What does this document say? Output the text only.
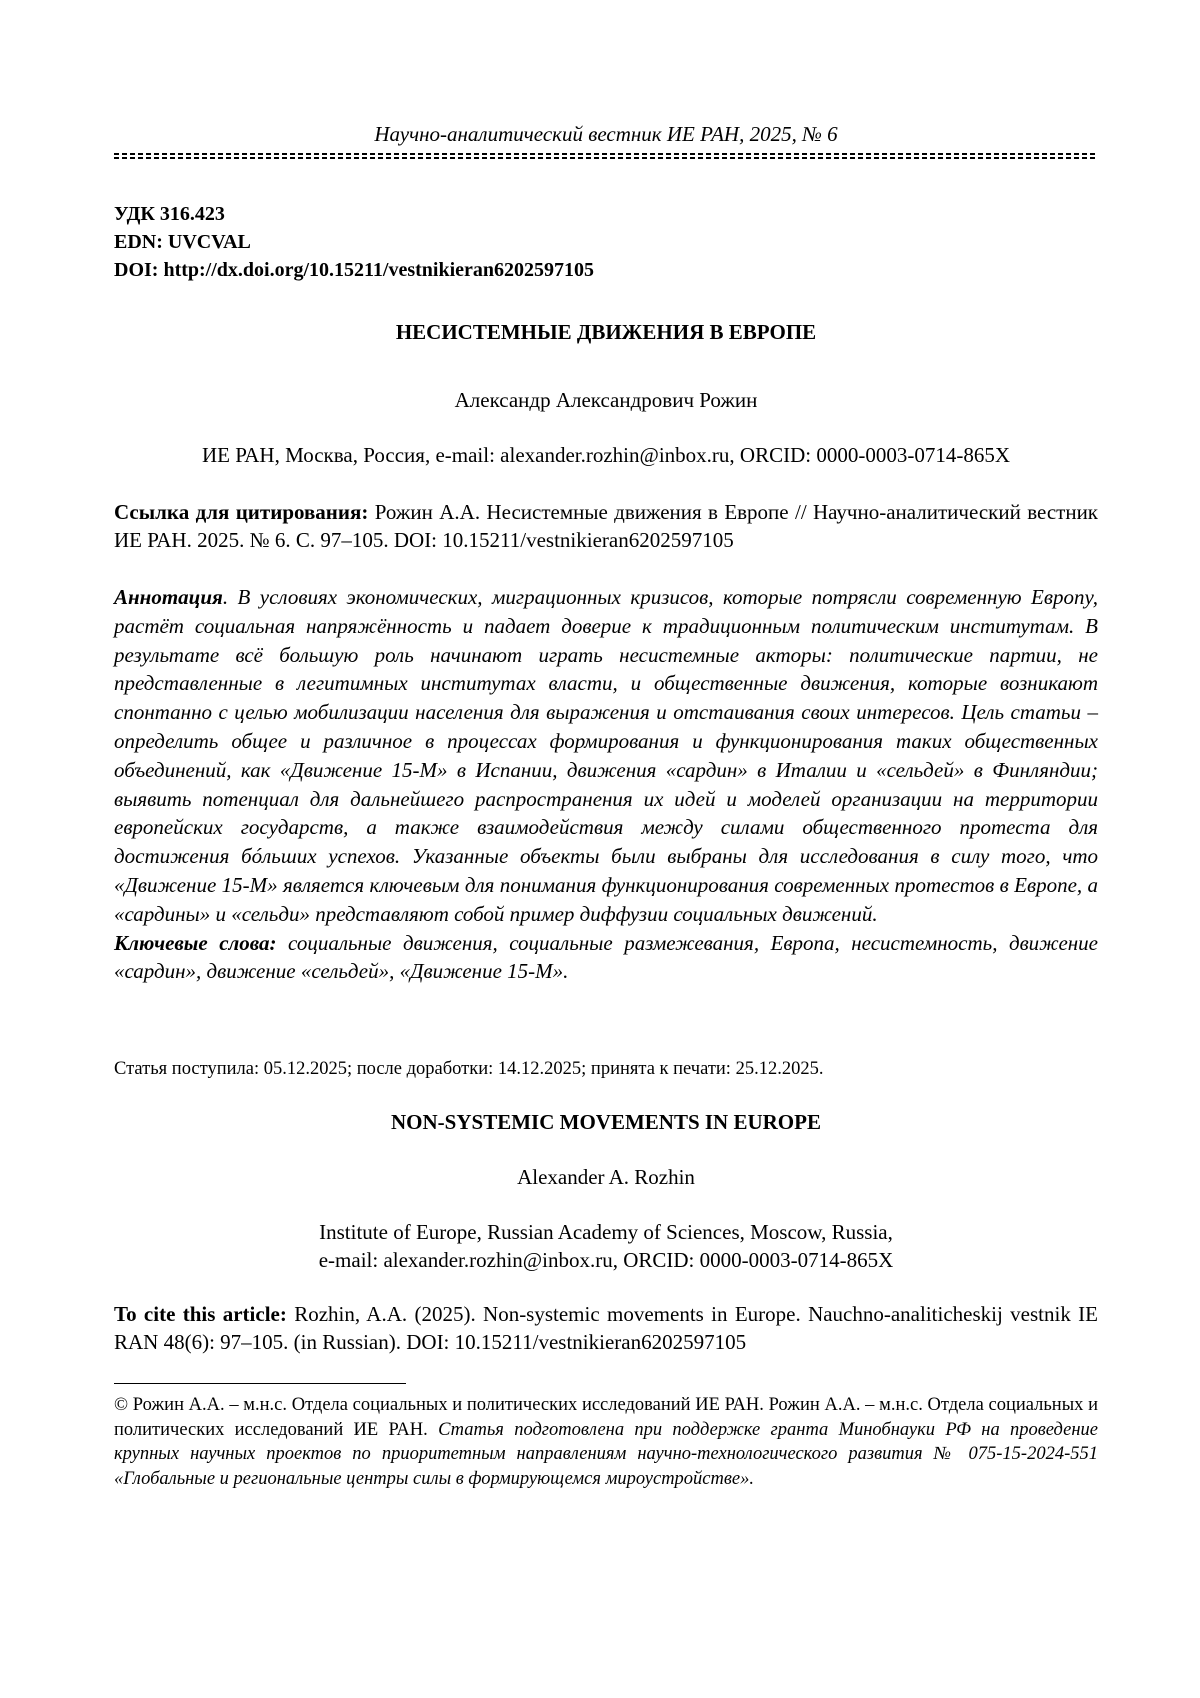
Научно-аналитический вестник ИЕ РАН, 2025, № 6
УДК 316.423
EDN: UVCVAL
DOI: http://dx.doi.org/10.15211/vestnikieran6202597105
НЕСИСТЕМНЫЕ ДВИЖЕНИЯ В ЕВРОПЕ
Александр Александрович Рожин
ИЕ РАН, Москва, Россия, e-mail: alexander.rozhin@inbox.ru, ORCID: 0000-0003-0714-865X
Ссылка для цитирования: Рожин А.А. Несистемные движения в Европе // Научно-аналитический вестник ИЕ РАН. 2025. № 6. С. 97–105. DOI: 10.15211/vestnikieran6202597105
Аннотация. В условиях экономических, миграционных кризисов, которые потрясли современную Европу, растёт социальная напряжённость и падает доверие к традиционным политическим институтам. В результате всё большую роль начинают играть несистемные акторы: политические партии, не представленные в легитимных институтах власти, и общественные движения, которые возникают спонтанно с целью мобилизации населения для выражения и отстаивания своих интересов. Цель статьи – определить общее и различное в процессах формирования и функционирования таких общественных объединений, как «Движение 15-М» в Испании, движения «сардин» в Италии и «сельдей» в Финляндии; выявить потенциал для дальнейшего распространения их идей и моделей организации на территории европейских государств, а также взаимодействия между силами общественного протеста для достижения бóльших успехов. Указанные объекты были выбраны для исследования в силу того, что «Движение 15-М» является ключевым для понимания функционирования современных протестов в Европе, а «сардины» и «сельди» представляют собой пример диффузии социальных движений.
Ключевые слова: социальные движения, социальные размежевания, Европа, несистемность, движение «сардин», движение «сельдей», «Движение 15-М».
Статья поступила: 05.12.2025; после доработки: 14.12.2025; принята к печати: 25.12.2025.
NON-SYSTEMIC MOVEMENTS IN EUROPE
Alexander A. Rozhin
Institute of Europe, Russian Academy of Sciences, Moscow, Russia,
e-mail: alexander.rozhin@inbox.ru, ORCID: 0000-0003-0714-865X
To cite this article: Rozhin, A.A. (2025). Non-systemic movements in Europe. Nauchno-analiticheskij vestnik IE RAN 48(6): 97–105. (in Russian). DOI: 10.15211/vestnikieran6202597105
© Рожин А.А. – м.н.с. Отдела социальных и политических исследований ИЕ РАН. Рожин А.А. – м.н.с. Отдела социальных и политических исследований ИЕ РАН. Статья подготовлена при поддержке гранта Минобнауки РФ на проведение крупных научных проектов по приоритетным направлениям научно-технологического развития № 075-15-2024-551 «Глобальные и региональные центры силы в формирующемся мироустройстве».
